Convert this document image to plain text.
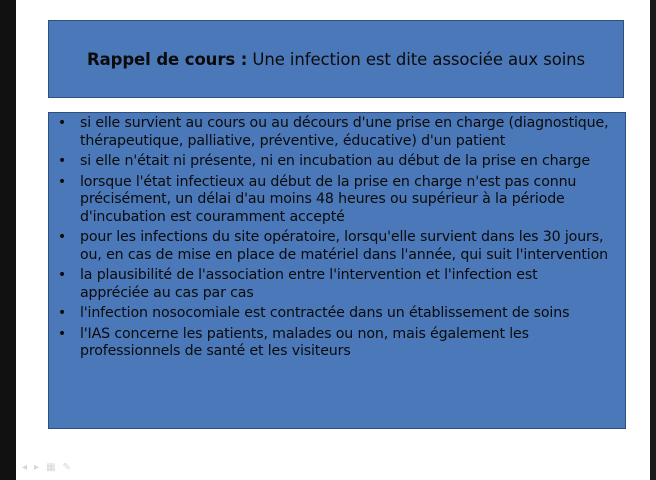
Rappel de cours : Une infection est dite associée aux soins
• si elle survient au cours ou au décours d'une prise en charge (diagnostique, thérapeutique, palliative, préventive, éducative) d'un patient
• si elle n'était ni présente, ni en incubation au début de la prise en charge
• lorsque l'état infectieux au début de la prise en charge n'est pas connu précisément, un délai d'au moins 48 heures ou supérieur à la période d'incubation est couramment accepté
• pour les infections du site opératoire, lorsqu'elle survient dans les 30 jours, ou, en cas de mise en place de matériel dans l'année, qui suit l'intervention
• la plausibilité de l'association entre l'intervention et l'infection est appréciée au cas par cas
• l'infection nosocomiale est contractée dans un établissement de soins
• l'IAS concerne les patients, malades ou non, mais également les professionnels de santé et les visiteurs
◂ ▸ ▦ ✎
